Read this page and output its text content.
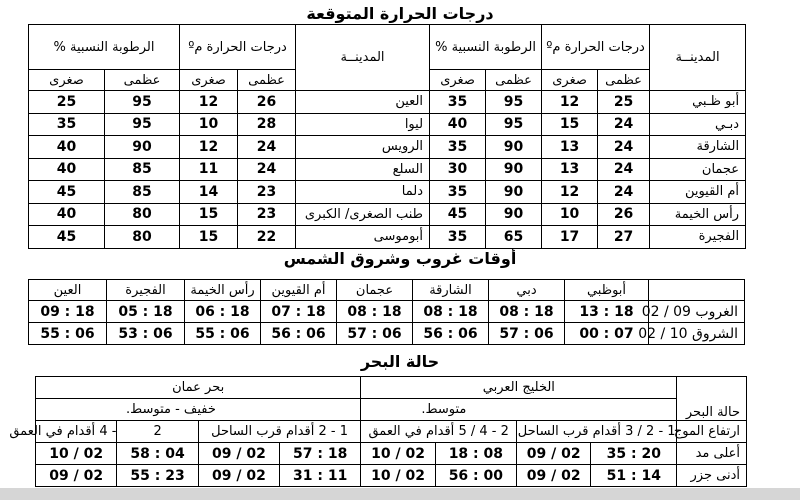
درجات الحرارة المتوقعة
المدينــة	درجات الحرارة مº		الرطوبة النسبية %		المدينــة	درجات الحرارة مº		الرطوبة النسبية %	
	عظمى	صغرى	عظمى	صغرى		عظمى	صغرى	عظمى	صغرى
أبو ظـبي	25	12	95	35	العين	26	12	95	25
دبـي	24	15	95	40	ليوا	28	10	95	35
الشارقة	24	13	90	35	الرويس	24	12	90	40
عجمان	24	13	90	30	السلع	24	11	85	40
أم القيوين	24	12	90	35	دلما	23	14	85	45
رأس الخيمة	26	10	90	45	طنب الصغرى/ الكبرى	23	15	80	40
الفجيرة	27	17	65	35	أبوموسى	22	15	80	45
أوقات غروب وشروق الشمس
	أبوظبي	دبي	الشارقة	عجمان	أم القيوين	رأس الخيمة	الفجيرة	العين
الغروب 09 / 02	18 : 13	18 : 08	18 : 08	18 : 08	18 : 07	18 : 06	18 : 05	18 : 09
الشروق 10 / 02	07 : 00	06 : 57	06 : 56	06 : 57	06 : 56	06 : 55	06 : 53	06 : 55
حالة البحر
حالة البحر	الخليج العربي				بحر عمان			
	متوسط.				خفيف - متوسط.			
ارتفاع الموج	1 - 2 / 3 أقدام قرب الساحل		2 - 4 / 5 أقدام في العمق		1 - 2 أقدام قرب الساحل		2	- 4 أقدام في العمق
أعلى مد	20 : 35	02 / 09	08 : 18	02 / 10	18 : 57	02 / 09	04 : 58	02 / 10
أدنى جزر	14 : 51	02 / 09	00 : 56	02 / 10	11 : 31	02 / 09	23 : 55	02 / 09
